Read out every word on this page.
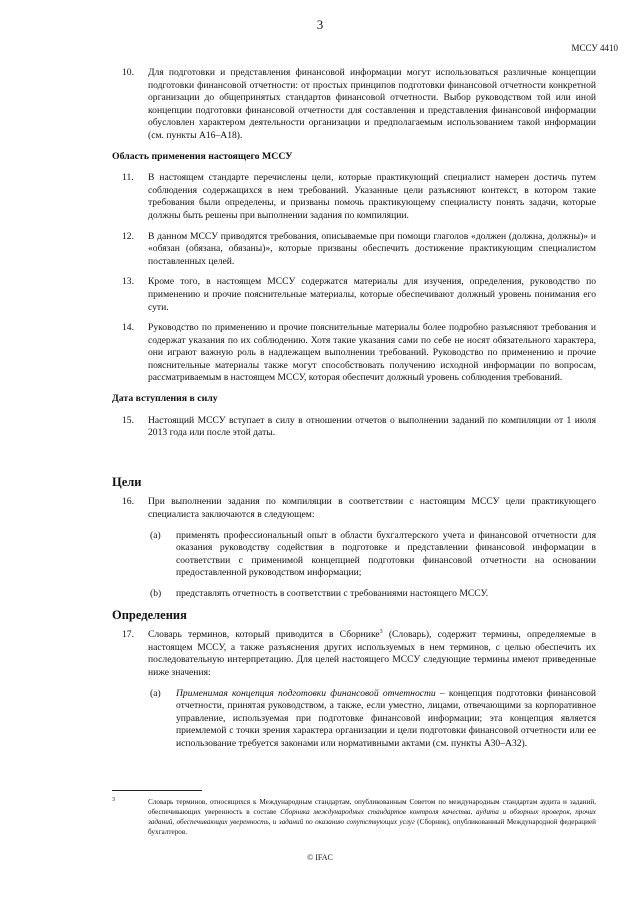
3
МССУ 4410
10. Для подготовки и представления финансовой информации могут использоваться различные концепции подготовки финансовой отчетности: от простых принципов подготовки финансовой отчетности конкретной организации до общепринятых стандартов финансовой отчетности. Выбор руководством той или иной концепции подготовки финансовой отчетности для составления и представления финансовой информации обусловлен характером деятельности организации и предполагаемым использованием такой информации (см. пункты A16–A18).
Область применения настоящего МССУ
11. В настоящем стандарте перечислены цели, которые практикующий специалист намерен достичь путем соблюдения содержащихся в нем требований. Указанные цели разъясняют контекст, в котором такие требования были определены, и призваны помочь практикующему специалисту понять задачи, которые должны быть решены при выполнении задания по компиляции.
12. В данном МССУ приводятся требования, описываемые при помощи глаголов «должен (должна, должны)» и «обязан (обязана, обязаны)», которые призваны обеспечить достижение практикующим специалистом поставленных целей.
13. Кроме того, в настоящем МССУ содержатся материалы для изучения, определения, руководство по применению и прочие пояснительные материалы, которые обеспечивают должный уровень понимания его сути.
14. Руководство по применению и прочие пояснительные материалы более подробно разъясняют требования и содержат указания по их соблюдению. Хотя такие указания сами по себе не носят обязательного характера, они играют важную роль в надлежащем выполнении требований. Руководство по применению и прочие пояснительные материалы также могут способствовать получению исходной информации по вопросам, рассматриваемым в настоящем МССУ, которая обеспечит должный уровень соблюдения требований.
Дата вступления в силу
15. Настоящий МССУ вступает в силу в отношении отчетов о выполнении заданий по компиляции от 1 июля 2013 года или после этой даты.
Цели
16. При выполнении задания по компиляции в соответствии с настоящим МССУ цели практикующего специалиста заключаются в следующем:
(a) применять профессиональный опыт в области бухгалтерского учета и финансовой отчетности для оказания руководству содействия в подготовке и представлении финансовой информации в соответствии с применимой концепцией подготовки финансовой отчетности на основании предоставленной руководством информации;
(b) представлять отчетность в соответствии с требованиями настоящего МССУ.
Определения
17. Словарь терминов, который приводится в Сборнике$^3$ (Словарь), содержит термины, определяемые в настоящем МССУ, а также разъяснения других используемых в нем терминов, с целью обеспечить их последовательную интерпретацию. Для целей настоящего МССУ следующие термины имеют приведенные ниже значения:
(a) Применимая концепция подготовки финансовой отчетности – концепция подготовки финансовой отчетности, принятая руководством, а также, если уместно, лицами, отвечающими за корпоративное управление, используемая при подготовке финансовой информации; эта концепция является приемлемой с точки зрения характера организации и цели подготовки финансовой отчетности или ее использование требуется законами или нормативными актами (см. пункты A30–A32).
3	Словарь терминов, относящихся к Международным стандартам, опубликованным Советом по международным стандартам аудита и заданий, обеспечивающих уверенность в составе Сборника международных стандартов контроля качества, аудита и обзорных проверок, прочих заданий, обеспечивающих уверенность, и заданий по оказанию сопутствующих услуг (Сборник), опубликованный Международной федерацией бухгалтеров.
© IFAC
